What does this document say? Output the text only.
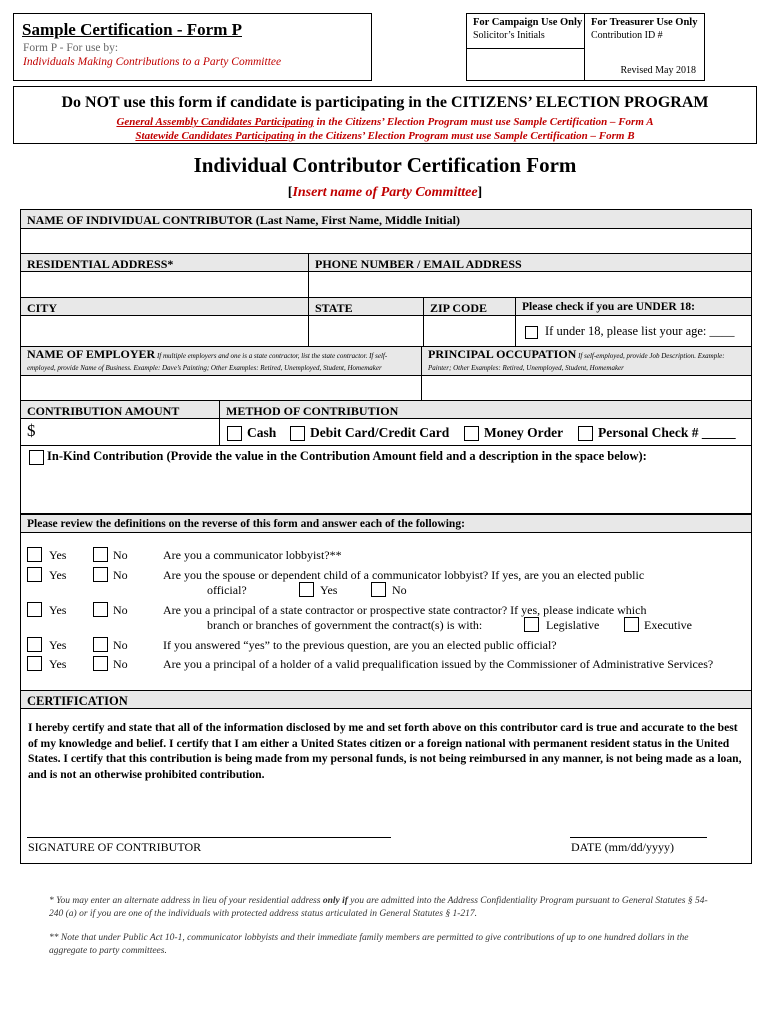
Sample Certification - Form P
Form P - For use by:
Individuals Making Contributions to a Party Committee
For Campaign Use Only
Solicitor’s Initials
For Treasurer Use Only
Contribution ID #
Revised May 2018
Do NOT use this form if candidate is participating in the CITIZENS’ ELECTION PROGRAM
General Assembly Candidates Participating in the Citizens’ Election Program must use Sample Certification – Form A
Statewide Candidates Participating in the Citizens’ Election Program must use Sample Certification – Form B
Individual Contributor Certification Form
[Insert name of Party Committee]
NAME OF INDIVIDUAL CONTRIBUTOR (Last Name, First Name, Middle Initial)
RESIDENTIAL ADDRESS*	PHONE NUMBER / EMAIL ADDRESS
CITY	STATE	ZIP CODE	Please check if you are UNDER 18:
If under 18, please list your age: ____
NAME OF EMPLOYER If multiple employers and one is a state contractor, list the state contractor. If self-employed, provide Name of Business. Example: Dave’s Painting; Other Examples: Retired, Unemployed, Student, Homemaker
PRINCIPAL OCCUPATION If self-employed, provide Job Description. Example: Painter; Other Examples: Retired, Unemployed, Student, Homemaker
CONTRIBUTION AMOUNT	METHOD OF CONTRIBUTION
$	Cash Debit Card/Credit Card	Money Order	Personal Check # _____
In-Kind Contribution (Provide the value in the Contribution Amount field and a description in the space below):
Please review the definitions on the reverse of this form and answer each of the following:
Yes	No	Are you a communicator lobbyist?**
Yes	No	Are you the spouse or dependent child of a communicator lobbyist? If yes, are you an elected public
official?	Yes	No
Yes	No	Are you a principal of a state contractor or prospective state contractor? If yes, please indicate which
branch or branches of government the contract(s) is with:	Legislative	Executive
Yes	No	If you answered “yes” to the previous question, are you an elected public official?
Yes	No	Are you a principal of a holder of a valid prequalification issued by the Commissioner of Administrative Services?
CERTIFICATION
I hereby certify and state that all of the information disclosed by me and set forth above on this contributor card is true and accurate to the best of my knowledge and belief. I certify that I am either a United States citizen or a foreign national with permanent resident status in the United States. I certify that this contribution is being made from my personal funds, is not being reimbursed in any manner, is not being made as a loan, and is not an otherwise prohibited contribution.
SIGNATURE OF CONTRIBUTOR	DATE (mm/dd/yyyy)
* You may enter an alternate address in lieu of your residential address only if you are admitted into the Address Confidentiality Program pursuant to General Statutes § 54-240 (a) or if you are one of the individuals with protected address status articulated in General Statutes § 1-217.
** Note that under Public Act 10-1, communicator lobbyists and their immediate family members are permitted to give contributions of up to one hundred dollars in the aggregate to party committees.
